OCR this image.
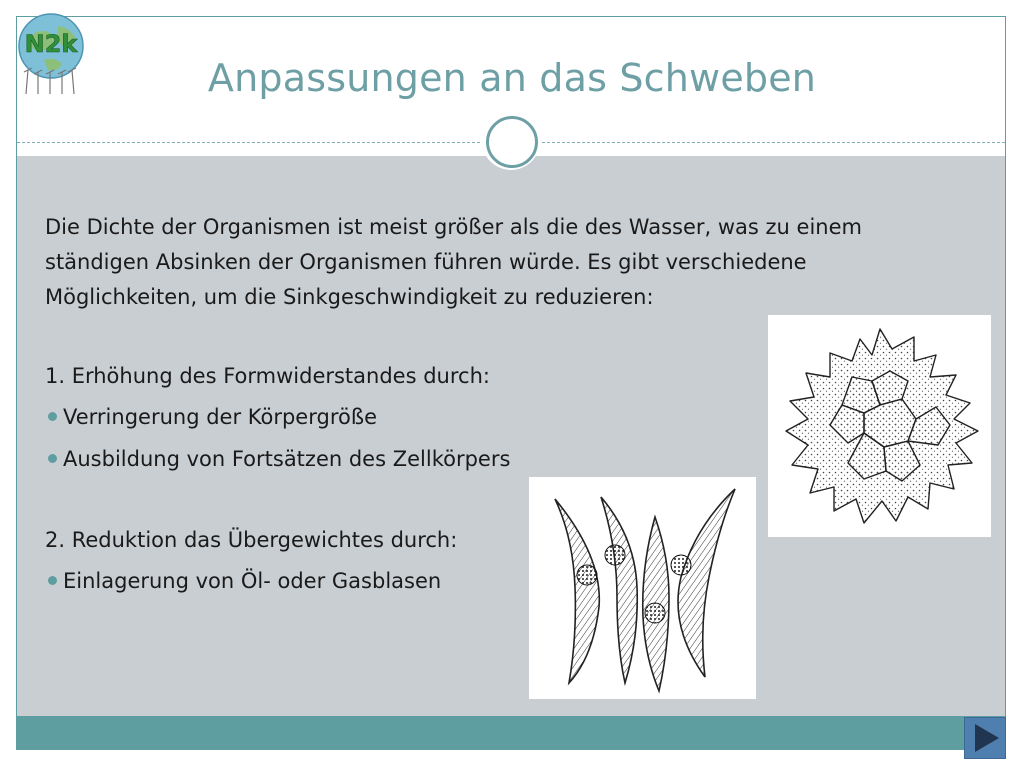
N2k
Anpassungen an das Schweben

Die Dichte der Organismen ist meist größer als die des Wasser, was zu einem ständigen Absinken der Organismen führen würde. Es gibt verschiedene Möglichkeiten, um die Sinkgeschwindigkeit zu reduzieren:

1. Erhöhung des Formwiderstandes durch:
Verringerung der Körpergröße
Ausbildung von Fortsätzen des Zellkörpers
2. Reduktion das Übergewichtes durch:
Einlagerung von Öl- oder Gasblasen
